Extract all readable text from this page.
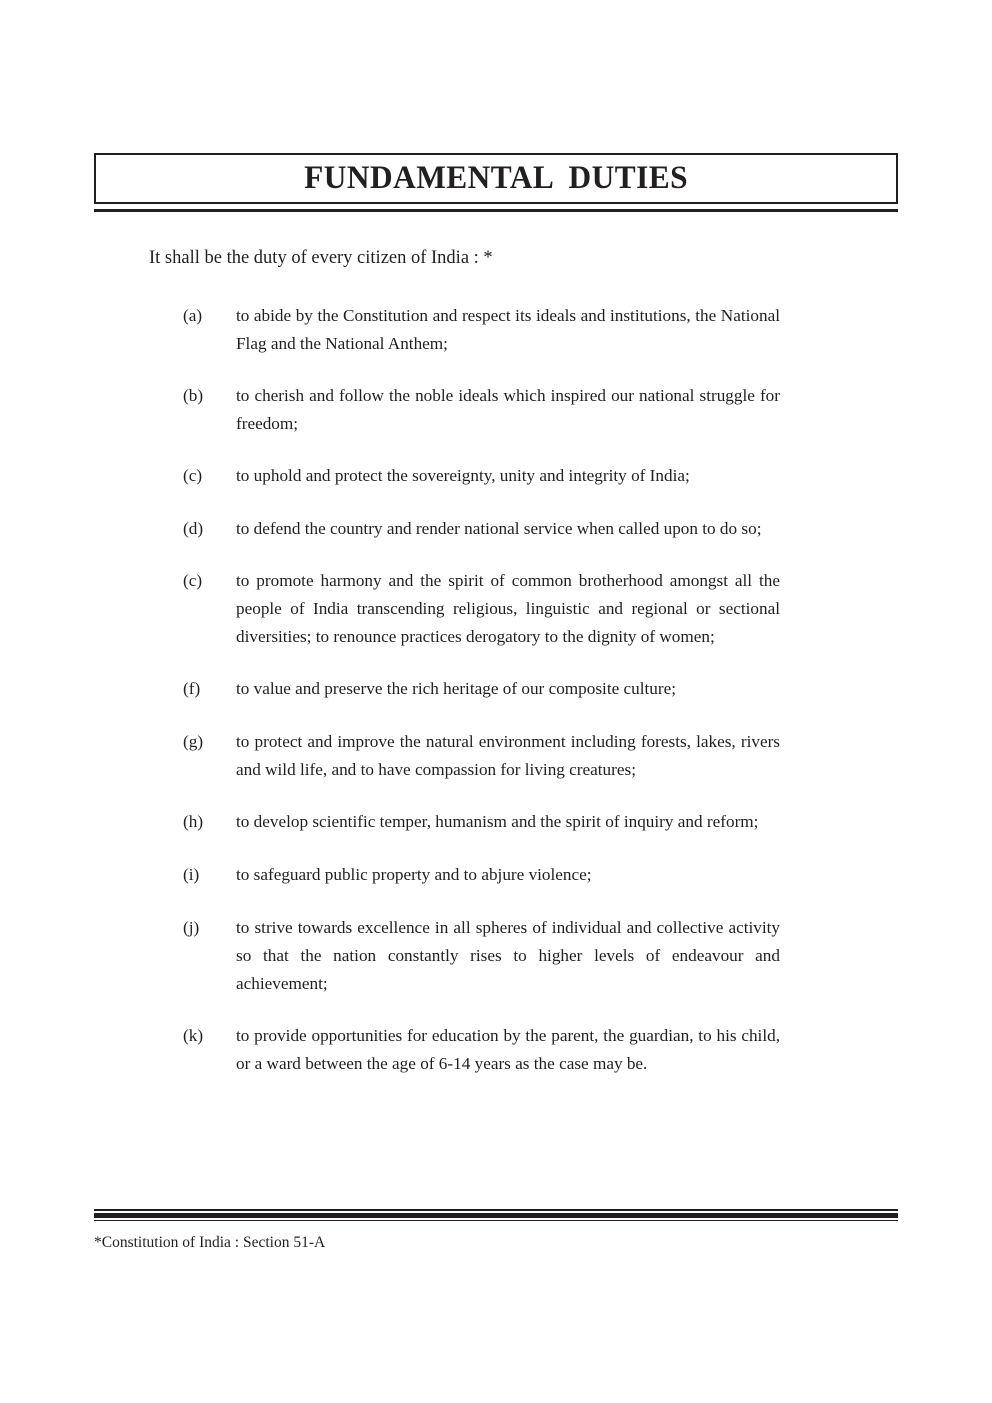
FUNDAMENTAL DUTIES

It shall be the duty of every citizen of India : *

(a)	to abide by the Constitution and respect its ideals and institutions, the National Flag and the National Anthem;
(b)	to cherish and follow the noble ideals which inspired our national struggle for freedom;
(c)	to uphold and protect the sovereignty, unity and integrity of India;
(d)	to defend the country and render national service when called upon to do so;
(c)	to promote harmony and the spirit of common brotherhood amongst all the people of India transcending religious, linguistic and regional or sectional diversities; to renounce practices derogatory to the dignity of women;
(f)	to value and preserve the rich heritage of our composite culture;
(g)	to protect and improve the natural environment including forests, lakes, rivers and wild life, and to have compassion for living creatures;
(h)	to develop scientific temper, humanism and the spirit of inquiry and reform;
(i)	to safeguard public property and to abjure violence;
(j)	to strive towards excellence in all spheres of individual and collective activity so that the nation constantly rises to higher levels of endeavour and achievement;
(k)	to provide opportunities for education by the parent, the guardian, to his child, or a ward between the age of 6-14 years as the case may be.

*Constitution of India : Section 51-A
